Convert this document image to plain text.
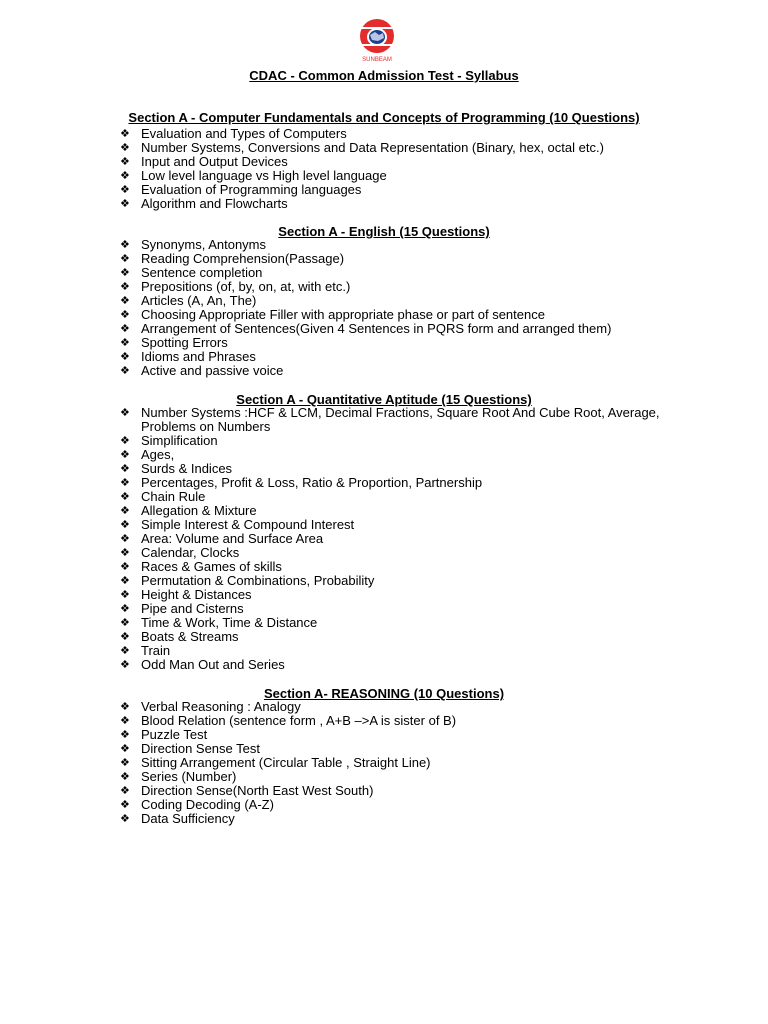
SUNBEAM
CDAC - Common Admission Test - Syllabus
Section A - Computer Fundamentals and Concepts of Programming (10 Questions)
❖ Evaluation and Types of Computers
❖ Number Systems, Conversions and Data Representation (Binary, hex, octal etc.)
❖ Input and Output Devices
❖ Low level language vs High level language
❖ Evaluation of Programming languages
❖ Algorithm and Flowcharts
Section A - English (15 Questions)
❖ Synonyms, Antonyms
❖ Reading Comprehension(Passage)
❖ Sentence completion
❖ Prepositions (of, by, on, at, with etc.)
❖ Articles (A, An, The)
❖ Choosing Appropriate Filler with appropriate phase or part of sentence
❖ Arrangement of Sentences(Given 4 Sentences in PQRS form and arranged them)
❖ Spotting Errors
❖ Idioms and Phrases
❖ Active and passive voice
Section A - Quantitative Aptitude (15 Questions)
❖ Number Systems :HCF & LCM, Decimal Fractions, Square Root And Cube Root, Average, Problems on Numbers
❖ Simplification
❖ Ages,
❖ Surds & Indices
❖ Percentages, Profit & Loss, Ratio & Proportion, Partnership
❖ Chain Rule
❖ Allegation & Mixture
❖ Simple Interest & Compound Interest
❖ Area: Volume and Surface Area
❖ Calendar, Clocks
❖ Races & Games of skills
❖ Permutation & Combinations, Probability
❖ Height & Distances
❖ Pipe and Cisterns
❖ Time & Work, Time & Distance
❖ Boats & Streams
❖ Train
❖ Odd Man Out and Series
Section A- REASONING (10 Questions)
❖ Verbal Reasoning : Analogy
❖ Blood Relation (sentence form , A+B –>A is sister of B)
❖ Puzzle Test
❖ Direction Sense Test
❖ Sitting Arrangement (Circular Table , Straight Line)
❖ Series (Number)
❖ Direction Sense(North East West South)
❖ Coding Decoding (A-Z)
❖ Data Sufficiency
